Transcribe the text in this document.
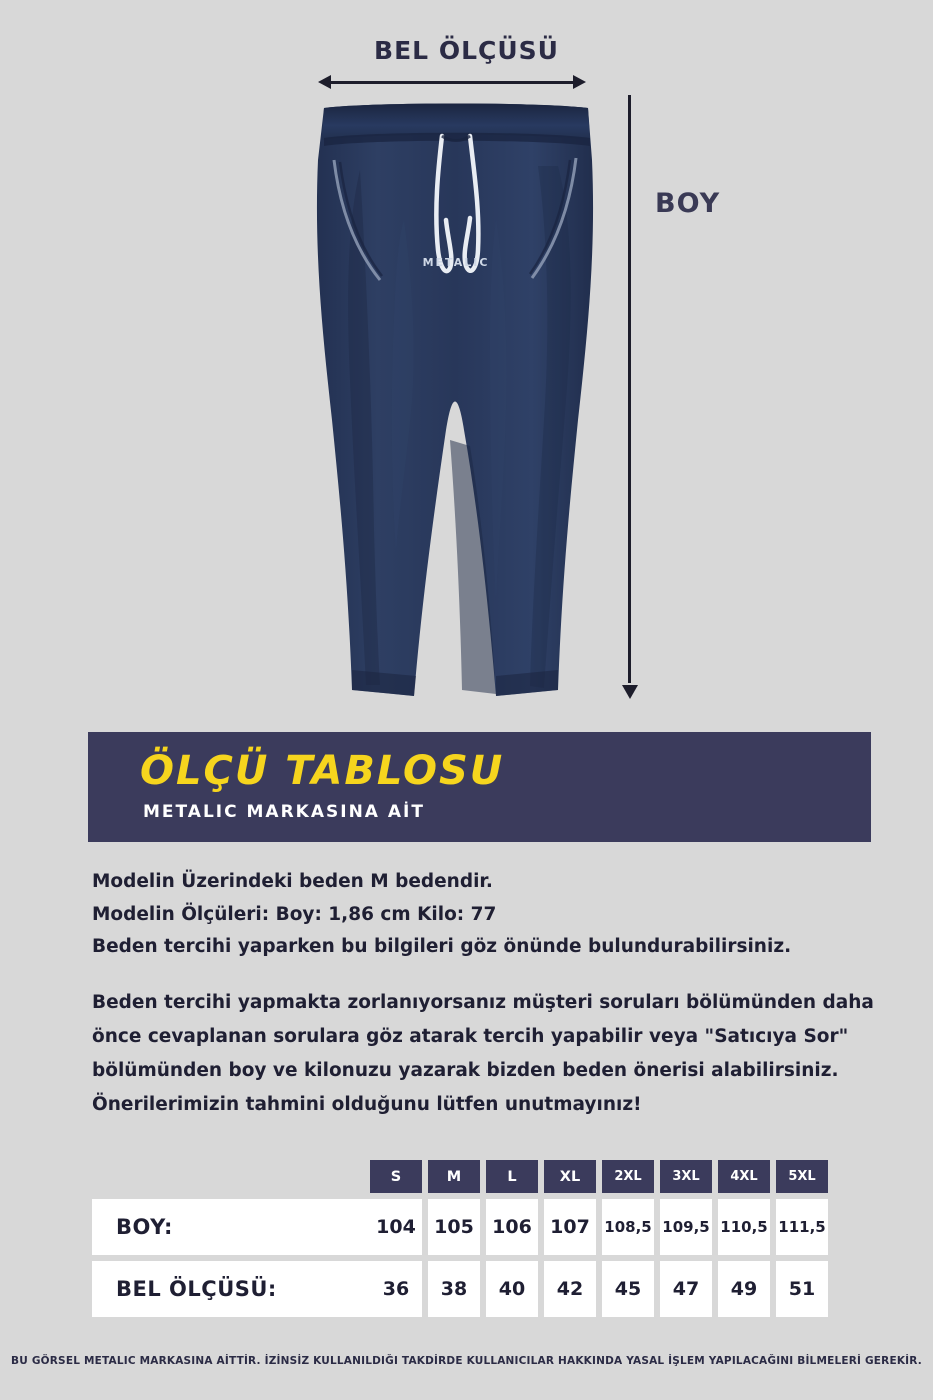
BEL ÖLÇÜSÜ
BOY
METALIC
ÖLÇÜ TABLOSU
METALIC MARKASINA AİT

Modelin Üzerindeki beden M bedendir.

Modelin Ölçüleri: Boy: 1,86 cm Kilo: 77

Beden tercihi yaparken bu bilgileri göz önünde bulundurabilirsiniz.

Beden tercihi yapmakta zorlanıyorsanız müşteri soruları bölümünden daha

önce cevaplanan sorulara göz atarak tercih yapabilir veya "Satıcıya Sor"

bölümünden boy ve kilonuzu yazarak bizden beden önerisi alabilirsiniz.

Önerilerimizin tahmini olduğunu lütfen unutmayınız!

S	M	L	XL	2XL	3XL	4XL	5XL
BOY:	104 105 106 107 108,5 109,5 110,5 111,5
BEL ÖLÇÜSÜ:	36	38	40	42	45	47	49	51
BU GÖRSEL METALIC MARKASINA AİTTİR. İZİNSİZ KULLANILDIĞI TAKDİRDE KULLANICILAR HAKKINDA YASAL İŞLEM YAPILACAĞINI BİLMELERİ GEREKİR.
